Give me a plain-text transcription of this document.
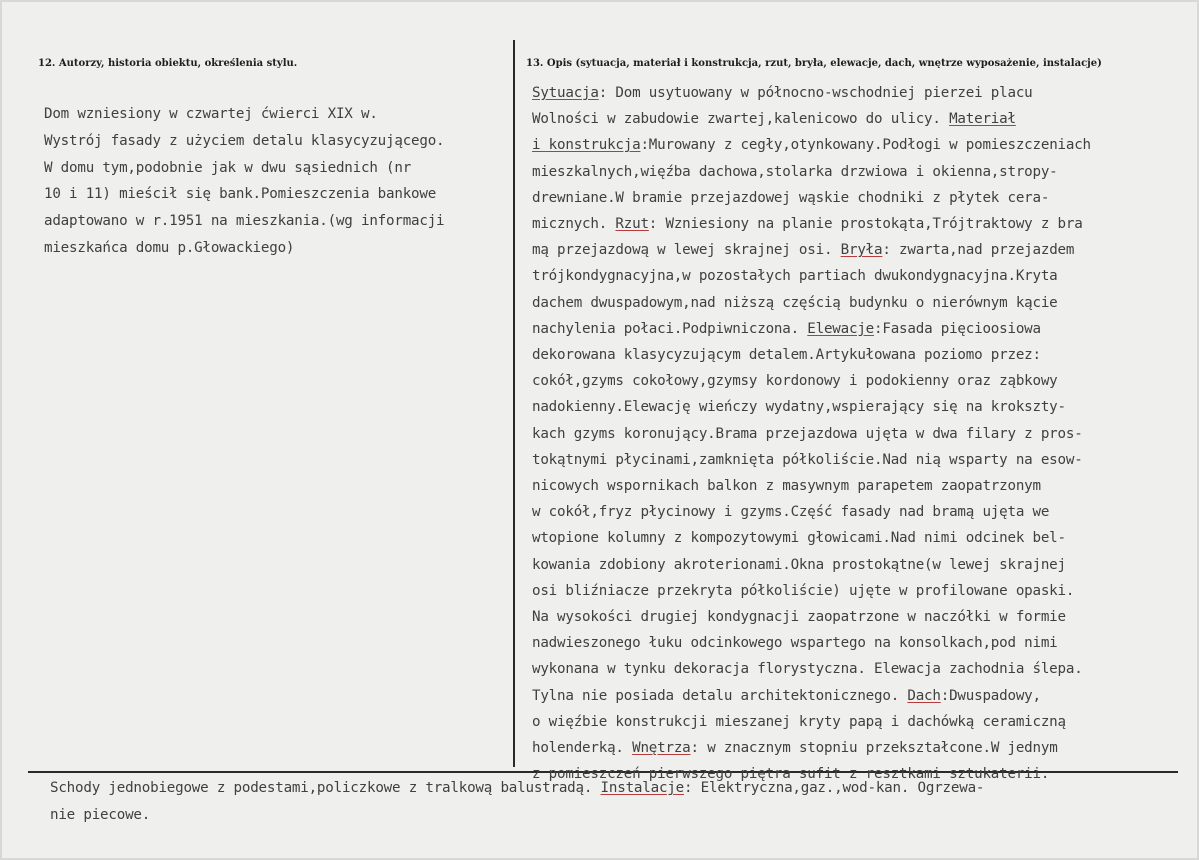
12. Autorzy, historia obiektu, określenia stylu.	13. Opis (sytuacja, materiał i konstrukcja, rzut, bryła, elewacje, dach, wnętrze wyposażenie, instalacje)
Dom wzniesiony w czwartej ćwierci XIX w.
Wystrój fasady z użyciem detalu klasycyzującego.
W domu tym,podobnie jak w dwu sąsiednich (nr
10 i 11) mieścił się bank.Pomieszczenia bankowe
adaptowano w r.1951 na mieszkania.(wg informacji
mieszkańca domu p.Głowackiego)
Sytuacja: Dom usytuowany w północno-wschodniej pierzei placu
Wolności w zabudowie zwartej,kalenicowo do ulicy. Materiał
i konstrukcja:Murowany z cegły,otynkowany.Podłogi w pomieszczeniach
mieszkalnych,więźba dachowa,stolarka drzwiowa i okienna,stropy-
drewniane.W bramie przejazdowej wąskie chodniki z płytek cera-
micznych. Rzut: Wzniesiony na planie prostokąta,Trójtraktowy z bra
mą przejazdową w lewej skrajnej osi. Bryła: zwarta,nad przejazdem
trójkondygnacyjna,w pozostałych partiach dwukondygnacyjna.Kryta
dachem dwuspadowym,nad niższą częścią budynku o nierównym kącie
nachylenia połaci.Podpiwniczona. Elewacje:Fasada pięcioosiowa
dekorowana klasycyzującym detalem.Artykułowana poziomo przez:
cokół,gzyms cokołowy,gzymsy kordonowy i podokienny oraz ząbkowy
nadokienny.Elewację wieńczy wydatny,wspierający się na krokszty-
kach gzyms koronujący.Brama przejazdowa ujęta w dwa filary z pros-
tokątnymi płycinami,zamknięta półkoliście.Nad nią wsparty na esow-
nicowych wspornikach balkon z masywnym parapetem zaopatrzonym
w cokół,fryz płycinowy i gzyms.Część fasady nad bramą ujęta we
wtopione kolumny z kompozytowymi głowicami.Nad nimi odcinek bel-
kowania zdobiony akroterionami.Okna prostokątne(w lewej skrajnej
osi bliźniacze przekryta półkoliście) ujęte w profilowane opaski.
Na wysokości drugiej kondygnacji zaopatrzone w naczółki w formie
nadwieszonego łuku odcinkowego wspartego na konsolkach,pod nimi
wykonana w tynku dekoracja florystyczna. Elewacja zachodnia ślepa.
Tylna nie posiada detalu architektonicznego. Dach:Dwuspadowy,
o więźbie konstrukcji mieszanej kryty papą i dachówką ceramiczną
holenderką. Wnętrza: w znacznym stopniu przekształcone.W jednym
z pomieszczeń pierwszego piętra sufit z resztkami sztukaterii.
Schody jednobiegowe z podestami,policzkowe z tralkową balustradą. Instalacje: Elektryczna,gaz.,wod-kan. Ogrzewa-
nie piecowe.
